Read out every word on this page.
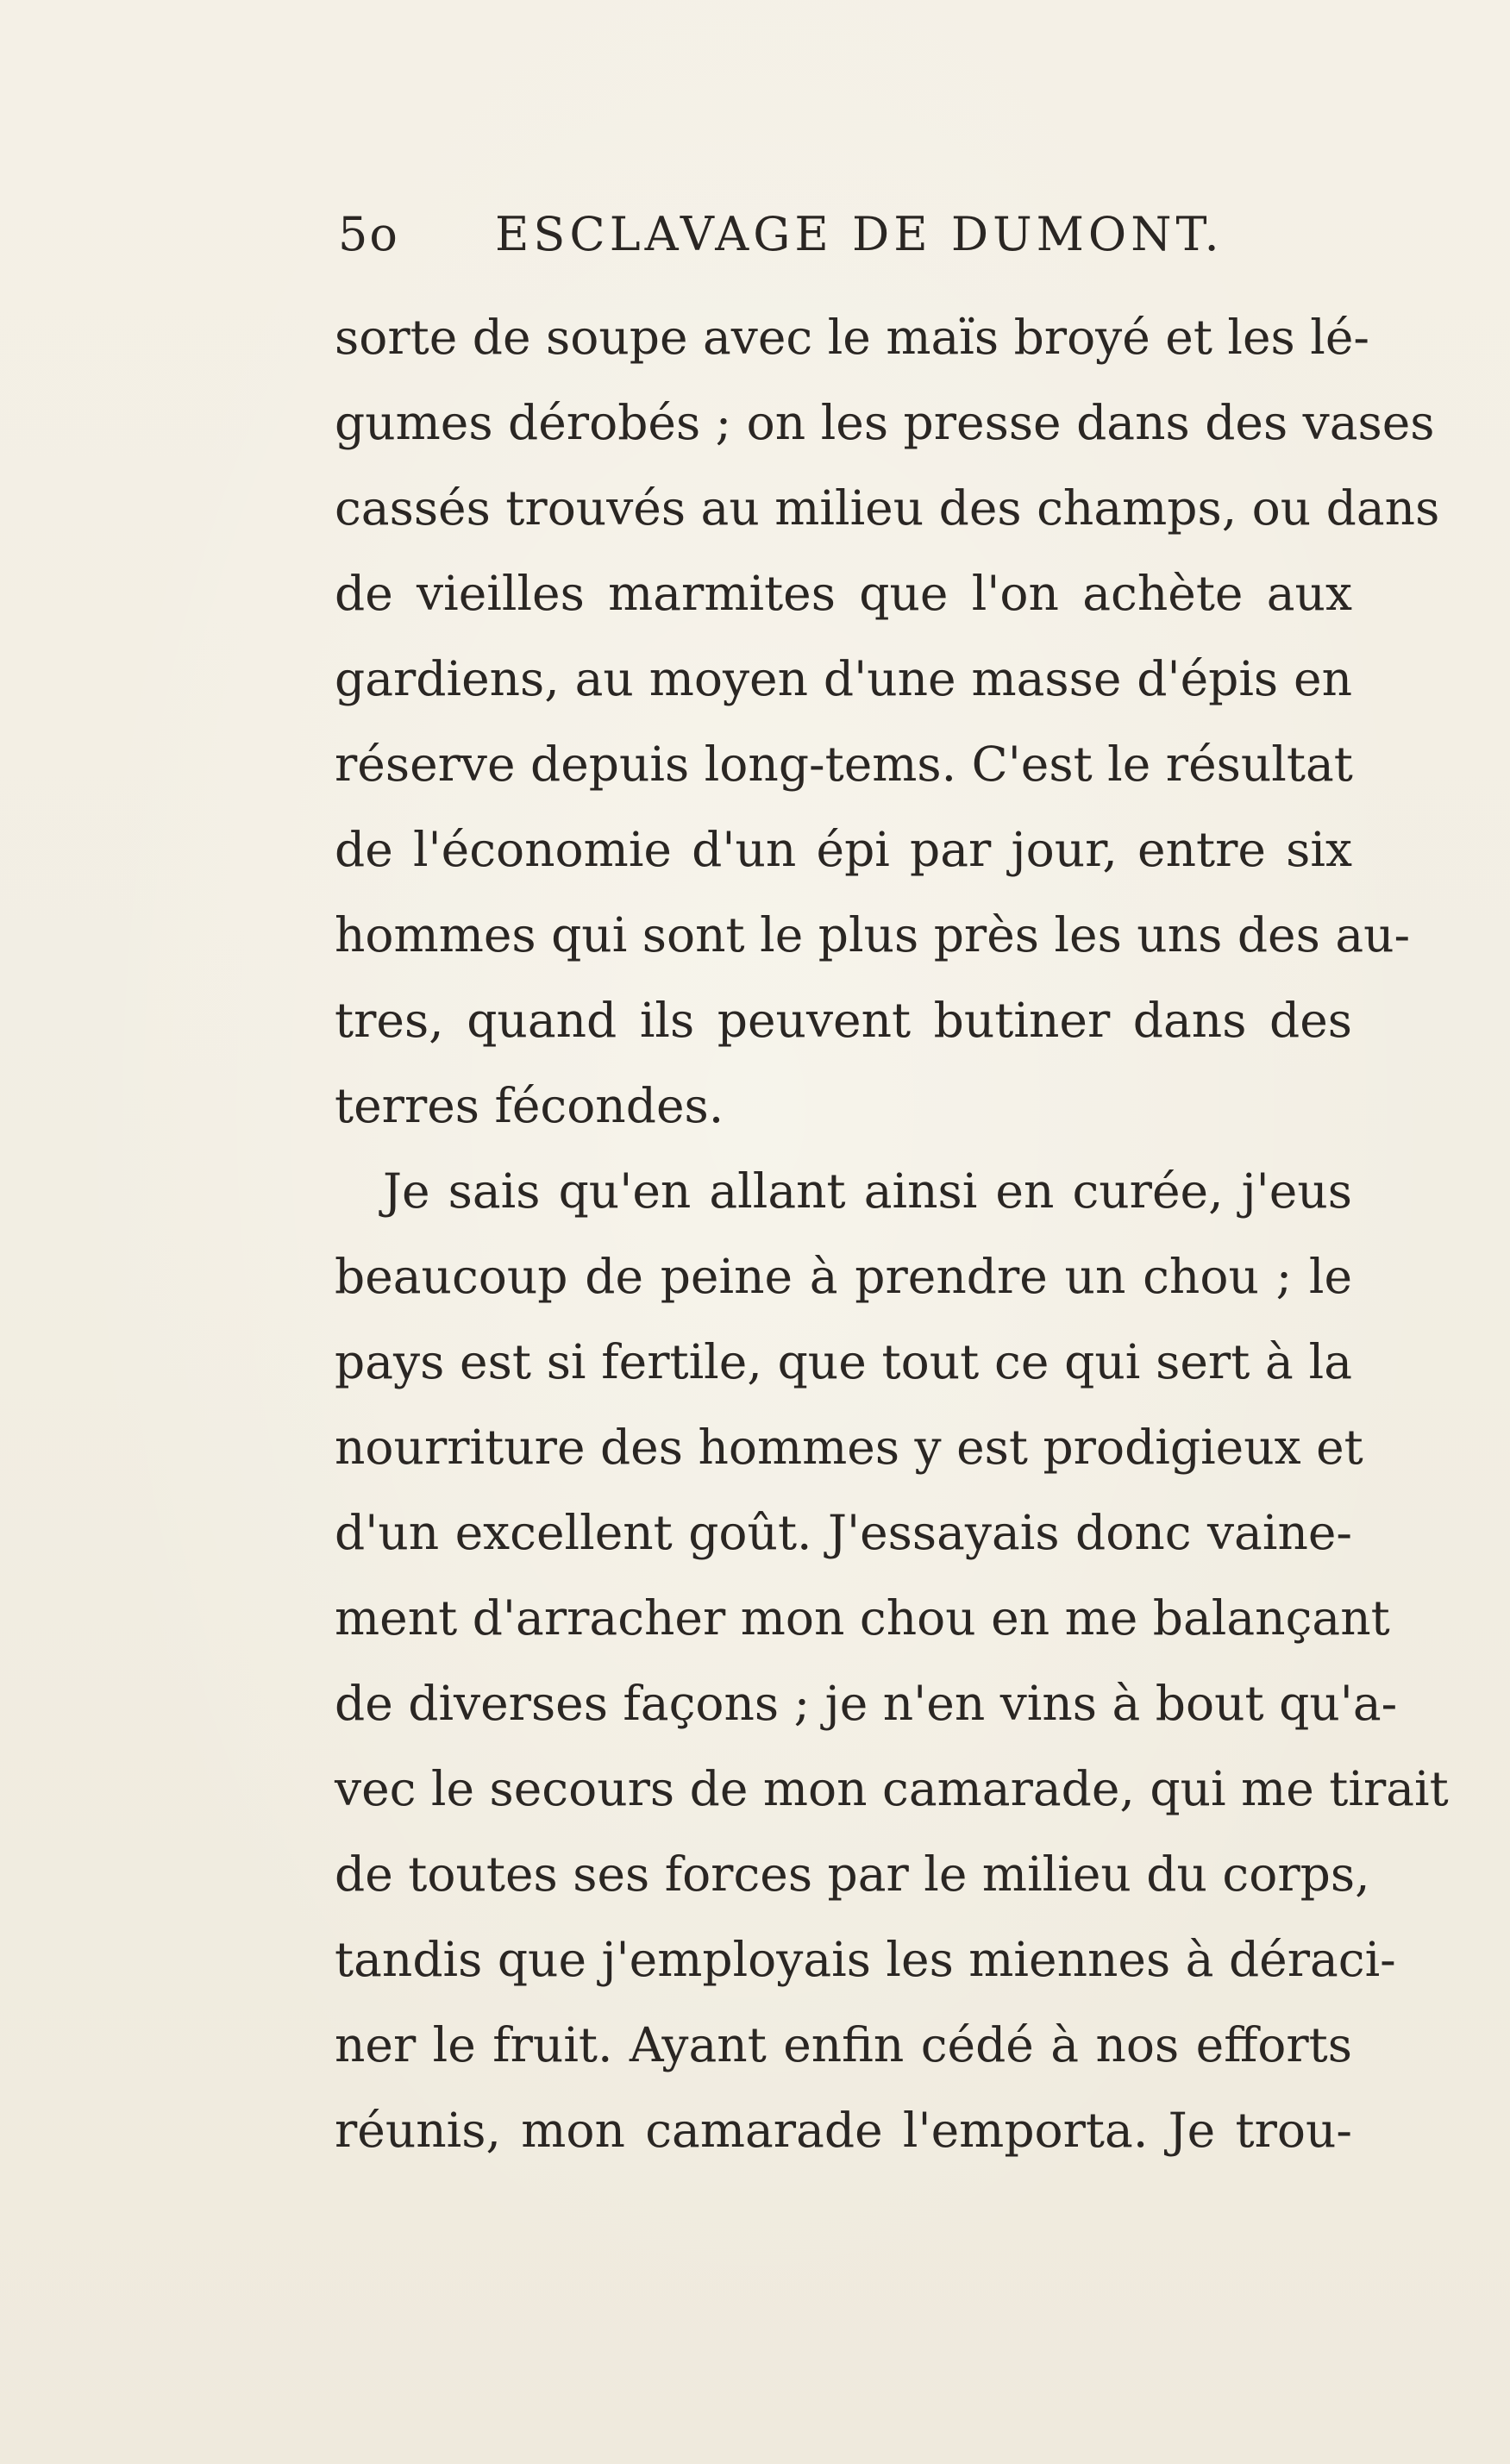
5o ESCLAVAGE DE DUMONT.
sorte de soupe avec le maïs broyé et les lé-
gumes dérobés ; on les presse dans des vases
cassés trouvés au milieu des champs, ou dans
de vieilles marmites que l'on achète aux
gardiens, au moyen d'une masse d'épis en
réserve depuis long-tems. C'est le résultat
de l'économie d'un épi par jour, entre six
hommes qui sont le plus près les uns des au-
tres, quand ils peuvent butiner dans des
terres fécondes.
Je sais qu'en allant ainsi en curée, j'eus
beaucoup de peine à prendre un chou ; le
pays est si fertile, que tout ce qui sert à la
nourriture des hommes y est prodigieux et
d'un excellent goût. J'essayais donc vaine-
ment d'arracher mon chou en me balançant
de diverses façons ; je n'en vins à bout qu'a-
vec le secours de mon camarade, qui me tirait
de toutes ses forces par le milieu du corps,
tandis que j'employais les miennes à déraci-
ner le fruit. Ayant enfin cédé à nos efforts
réunis, mon camarade l'emporta. Je trou-
